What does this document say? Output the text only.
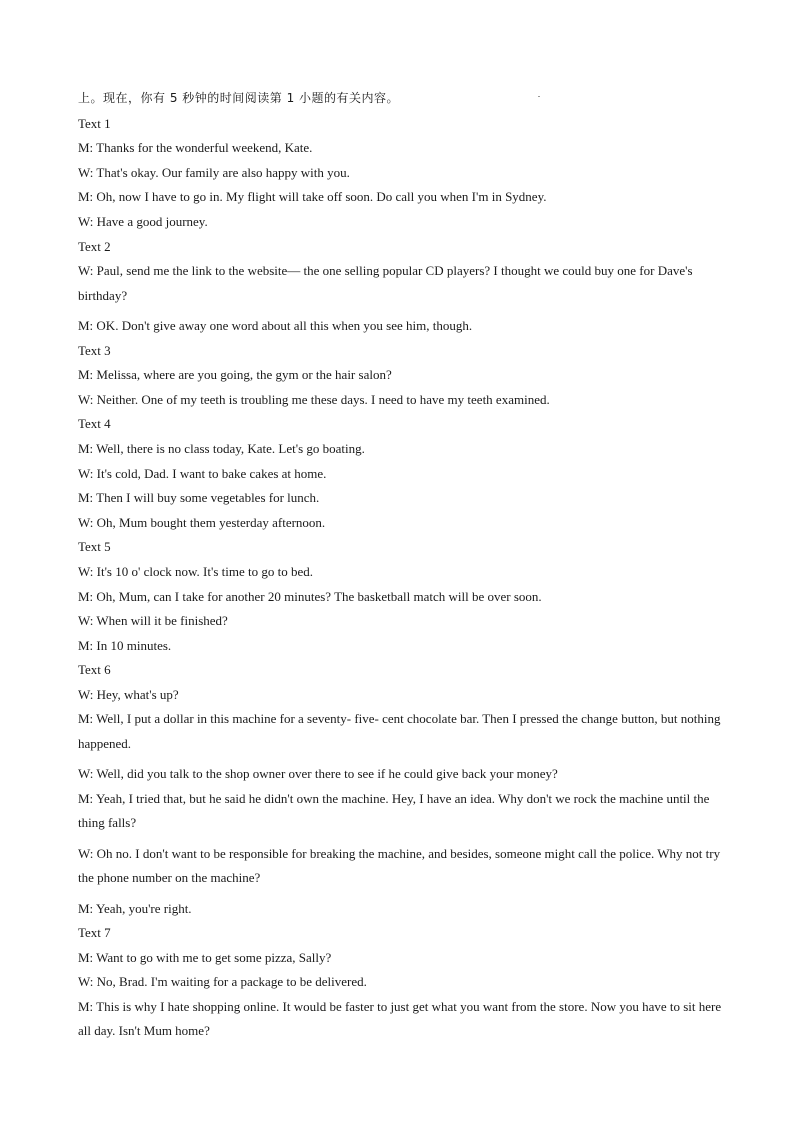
上。现在，你有 5 秒钟的时间阅读第 1 小题的有关内容。
Text 1
M: Thanks for the wonderful weekend, Kate.
W: That's okay. Our family are also happy with you.
M: Oh, now I have to go in. My flight will take off soon. Do call you when I'm in Sydney.
W: Have a good journey.
Text 2
W: Paul, send me the link to the website— the one selling popular CD players? I thought we could buy one for Dave's birthday?
M: OK. Don't give away one word about all this when you see him, though.
Text 3
M: Melissa, where are you going, the gym or the hair salon?
W: Neither. One of my teeth is troubling me these days. I need to have my teeth examined.
Text 4
M: Well, there is no class today, Kate. Let's go boating.
W: It's cold, Dad. I want to bake cakes at home.
M: Then I will buy some vegetables for lunch.
W: Oh, Mum bought them yesterday afternoon.
Text 5
W: It's 10 o' clock now. It's time to go to bed.
M: Oh, Mum, can I take for another 20 minutes? The basketball match will be over soon.
W: When will it be finished?
M: In 10 minutes.
Text 6
W: Hey, what's up?
M: Well, I put a dollar in this machine for a seventy- five- cent chocolate bar. Then I pressed the change button, but nothing happened.
W: Well, did you talk to the shop owner over there to see if he could give back your money?
M: Yeah, I tried that, but he said he didn't own the machine. Hey, I have an idea. Why don't we rock the machine until the thing falls?
W: Oh no. I don't want to be responsible for breaking the machine, and besides, someone might call the police. Why not try the phone number on the machine?
M: Yeah, you're right.
Text 7
M: Want to go with me to get some pizza, Sally?
W: No, Brad. I'm waiting for a package to be delivered.
M: This is why I hate shopping online. It would be faster to just get what you want from the store. Now you have to sit here all day. Isn't Mum home?
